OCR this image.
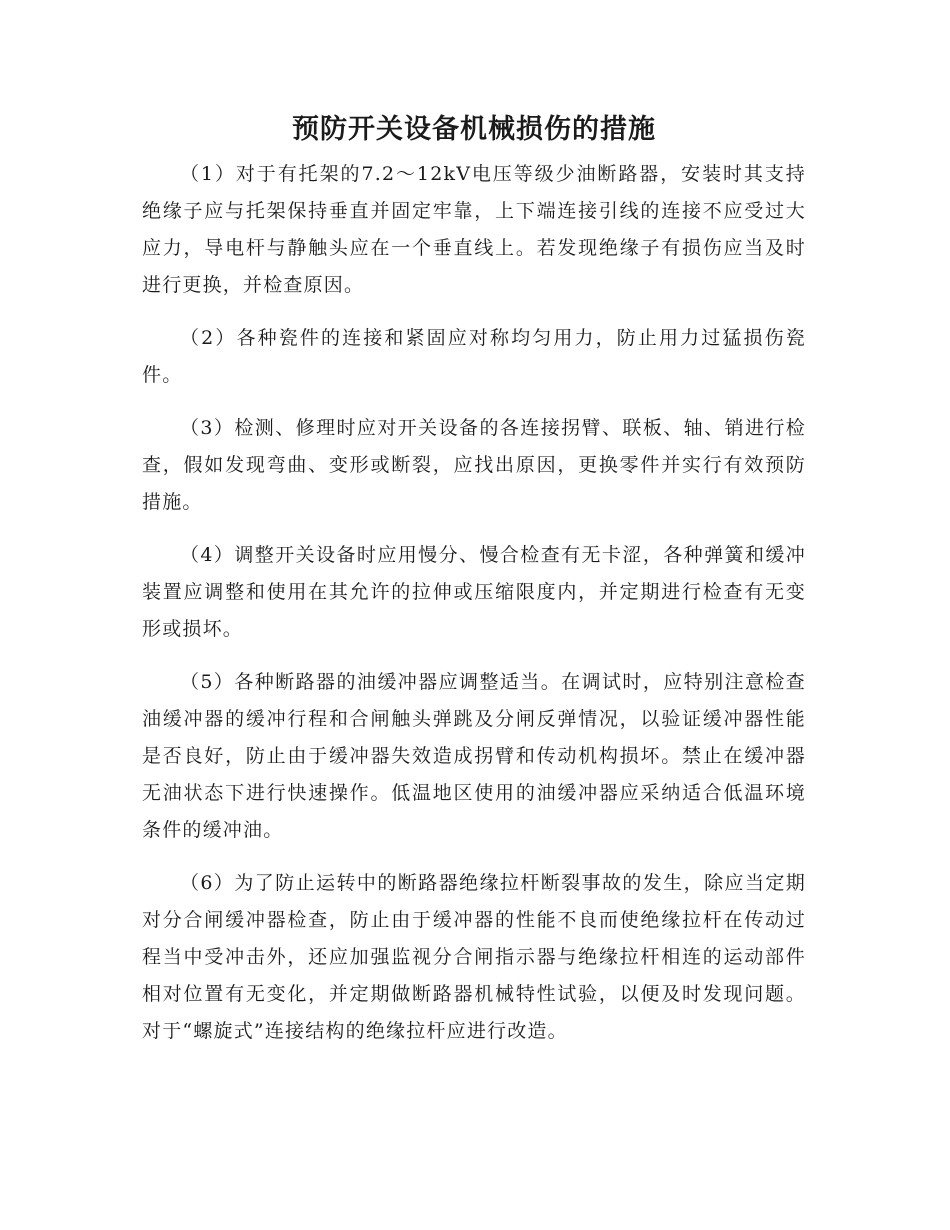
预防开关设备机械损伤的措施

（1）对于有托架的7.2～12kV电压等级少油断路器，安装时其支持绝缘子应与托架保持垂直并固定牢靠，上下端连接引线的连接不应受过大应力，导电杆与静触头应在一个垂直线上。若发现绝缘子有损伤应当及时进行更换，并检查原因。

（2）各种瓷件的连接和紧固应对称均匀用力，防止用力过猛损伤瓷件。

（3）检测、修理时应对开关设备的各连接拐臂、联板、轴、销进行检查，假如发现弯曲、变形或断裂，应找出原因，更换零件并实行有效预防措施。

（4）调整开关设备时应用慢分、慢合检查有无卡涩，各种弹簧和缓冲装置应调整和使用在其允许的拉伸或压缩限度内，并定期进行检查有无变形或损坏。

（5）各种断路器的油缓冲器应调整适当。在调试时，应特别注意检查油缓冲器的缓冲行程和合闸触头弹跳及分闸反弹情况，以验证缓冲器性能是否良好，防止由于缓冲器失效造成拐臂和传动机构损坏。禁止在缓冲器无油状态下进行快速操作。低温地区使用的油缓冲器应采纳适合低温环境条件的缓冲油。

（6）为了防止运转中的断路器绝缘拉杆断裂事故的发生，除应当定期对分合闸缓冲器检查，防止由于缓冲器的性能不良而使绝缘拉杆在传动过程当中受冲击外，还应加强监视分合闸指示器与绝缘拉杆相连的运动部件相对位置有无变化，并定期做断路器机械特性试验，以便及时发现问题。对于“螺旋式”连接结构的绝缘拉杆应进行改造。
